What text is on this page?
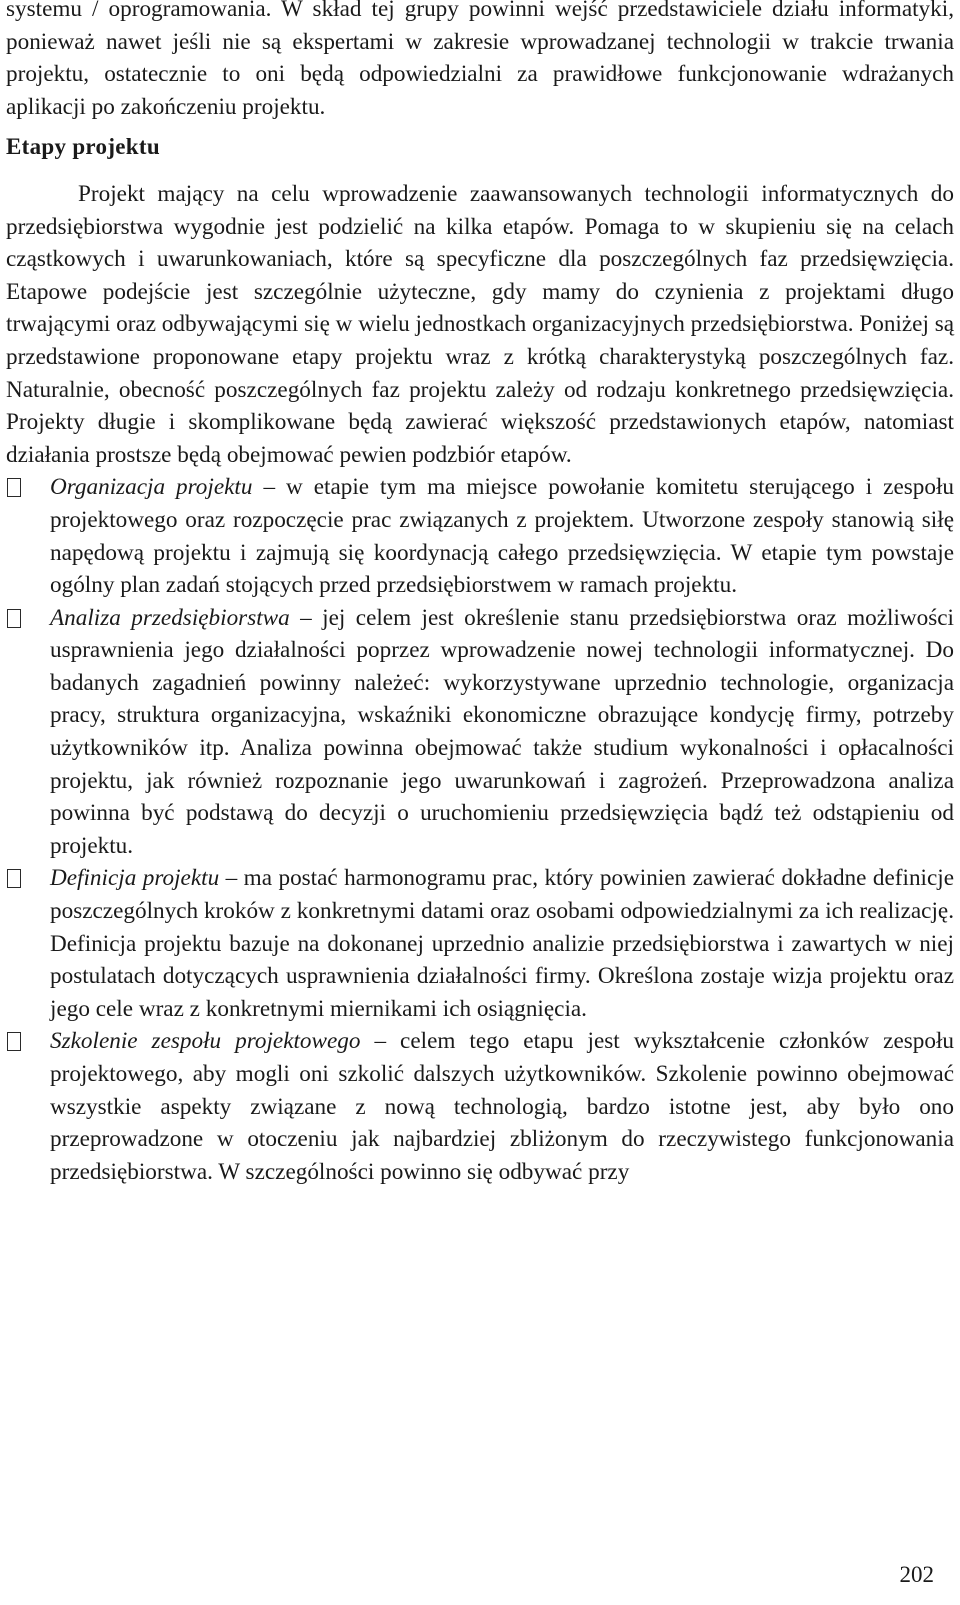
systemu / oprogramowania. W skład tej grupy powinni wejść przedstawiciele działu informatyki, ponieważ nawet jeśli nie są ekspertami w zakresie wprowadzanej technologii w trakcie trwania projektu, ostatecznie to oni będą odpowiedzialni za prawidłowe funkcjonowanie wdrażanych aplikacji po zakończeniu projektu.

Etapy projektu

Projekt mający na celu wprowadzenie zaawansowanych technologii informatycznych do przedsiębiorstwa wygodnie jest podzielić na kilka etapów. Pomaga to w skupieniu się na celach cząstkowych i uwarunkowaniach, które są specyficzne dla poszczególnych faz przedsięwzięcia. Etapowe podejście jest szczególnie użyteczne, gdy mamy do czynienia z projektami długo trwającymi oraz odbywającymi się w wielu jednostkach organizacyjnych przedsiębiorstwa. Poniżej są przedstawione proponowane etapy projektu wraz z krótką charakterystyką poszczególnych faz. Naturalnie, obecność poszczególnych faz projektu zależy od rodzaju konkretnego przedsięwzięcia. Projekty długie i skomplikowane będą zawierać większość przedstawionych etapów, natomiast działania prostsze będą obejmować pewien podzbiór etapów.

Organizacja projektu – w etapie tym ma miejsce powołanie komitetu sterującego i zespołu projektowego oraz rozpoczęcie prac związanych z projektem. Utworzone zespoły stanowią siłę napędową projektu i zajmują się koordynacją całego przedsięwzięcia. W etapie tym powstaje ogólny plan zadań stojących przed przedsiębiorstwem w ramach projektu.
Analiza przedsiębiorstwa – jej celem jest określenie stanu przedsiębiorstwa oraz możliwości usprawnienia jego działalności poprzez wprowadzenie nowej technologii informatycznej. Do badanych zagadnień powinny należeć: wykorzystywane uprzednio technologie, organizacja pracy, struktura organizacyjna, wskaźniki ekonomiczne obrazujące kondycję firmy, potrzeby użytkowników itp. Analiza powinna obejmować także studium wykonalności i opłacalności projektu, jak również rozpoznanie jego uwarunkowań i zagrożeń. Przeprowadzona analiza powinna być podstawą do decyzji o uruchomieniu przedsięwzięcia bądź też odstąpieniu od projektu.
Definicja projektu – ma postać harmonogramu prac, który powinien zawierać dokładne definicje poszczególnych kroków z konkretnymi datami oraz osobami odpowiedzialnymi za ich realizację. Definicja projektu bazuje na dokonanej uprzednio analizie przedsiębiorstwa i zawartych w niej postulatach dotyczących usprawnienia działalności firmy. Określona zostaje wizja projektu oraz jego cele wraz z konkretnymi miernikami ich osiągnięcia.
Szkolenie zespołu projektowego – celem tego etapu jest wykształcenie członków zespołu projektowego, aby mogli oni szkolić dalszych użytkowników. Szkolenie powinno obejmować wszystkie aspekty związane z nową technologią, bardzo istotne jest, aby było ono przeprowadzone w otoczeniu jak najbardziej zbliżonym do rzeczywistego funkcjonowania przedsiębiorstwa. W szczególności powinno się odbywać przy
202
